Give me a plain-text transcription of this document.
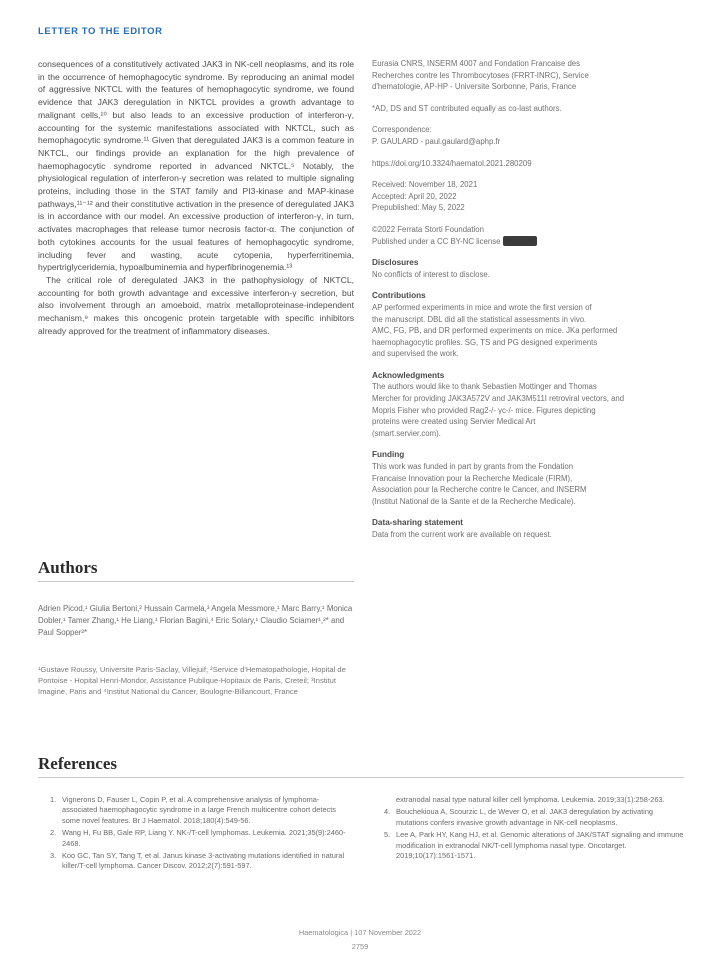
LETTER TO THE EDITOR

consequences of a constitutively activated JAK3 in NK-cell neoplasms, and its role in the occurrence of hemophagocytic syndrome. By reproducing an animal model of aggressive NKTCL with the features of hemophagocytic syndrome, we found evidence that JAK3 deregulation in NKTCL provides a growth advantage to malignant cells,¹⁰ but also leads to an excessive production of interferon-γ, accounting for the systemic manifestations associated with NKTCL, such as hemophagocytic syndrome.¹¹ Given that deregulated JAK3 is a common feature in NKTCL, our findings provide an explanation for the high prevalence of haemophagocytic syndrome reported in advanced NKTCL.⁵ Notably, the physiological regulation of interferon-γ secretion was related to multiple signaling proteins, including those in the STAT family and PI3-kinase and MAP-kinase pathways,¹¹⁻¹² and their constitutive activation in the presence of deregulated JAK3 is in accordance with our model. An excessive production of interferon-γ, in turn, activates macrophages that release tumor necrosis factor-α. The conjunction of both cytokines accounts for the usual features of hemophagocytic syndrome, including fever and wasting, acute cytopenia, hyperferritinemia, hypertriglyceridemia, hypoalbuminemia and hyperfibrinogenemia.¹³

The critical role of deregulated JAK3 in the pathophysiology of NKTCL, accounting for both growth advantage and excessive interferon-γ secretion, but also involvement through an amoeboid, matrix metalloproteinase-independent mechanism,⁹ makes this oncogenic protein targetable with specific inhibitors already approved for the treatment of inflammatory diseases.

Eurasia CNRS, INSERM 4007 and Fondation Francaise des
Recherches contre les Thrombocytoses (FRRT-INRC), Service
d'hematologie, AP-HP - Universite Sorbonne, Paris, France
*AD, DS and ST contributed equally as co-last authors.
Correspondence:
P. GAULARD - paul.gaulard@aphp.fr
https://doi.org/10.3324/haematol.2021.280209
Received: November 18, 2021
Accepted: April 20, 2022
Prepublished: May 5, 2022
©2022 Ferrata Storti Foundation
Published under a CC BY-NC license
Disclosures
No conflicts of interest to disclose.
Contributions
AP performed experiments in mice and wrote the first version of
the manuscript. DBL did all the statistical assessments in vivo.
AMC, FG, PB, and DR performed experiments on mice. JKa performed
haemophagocytic profiles. SG, TS and PG designed experiments
and supervised the work.
Acknowledgments
The authors would like to thank Sebastien Mottinger and Thomas
Mercher for providing JAK3A572V and JAK3M511I retroviral vectors, and
Mopris Fisher who provided Rag2-/- γc-/- mice. Figures depicting
proteins were created using Servier Medical Art
(smart.servier.com).
Funding
This work was funded in part by grants from the Fondation
Francaise Innovation pour la Recherche Medicale (FIRM),
Association pour la Recherche contre le Cancer, and INSERM
(Institut National de la Sante et de la Recherche Medicale).
Data-sharing statement
Data from the current work are available on request.
Authors
Adrien Picod,¹ Giulia Bertoni,² Hussain Carmela,³ Angela Messmore,¹ Marc Barry,¹ Monica Dobler,¹ Tamer Zhang,¹ He Liang,¹ Florian Bagini,⁴ Eric Solary,¹ Claudio Sciamer¹,²* and Paul Sopper²*
¹Gustave Roussy, Universite Paris-Saclay, Villejuif; ²Service d'Hematopathologie, Hopital de Pontoise - Hopital Henri-Mondor, Assistance Publique-Hopitaux de Paris, Creteil; ³Institut Imagine, Paris and ⁴Institut National du Cancer, Boulogne-Billancourt, France
References
1. Vignerons D, Fauser L, Copin P, et al. A comprehensive analysis of lymphoma-associated haemophagocytic syndrome in a large French multicentre cohort detects some novel features. Br J Haematol. 2018;180(4):549-56.
2. Wang H, Fu BB, Gale RP, Liang Y. NK-/T-cell lymphomas. Leukemia. 2021;35(9):2460-2468.
3. Koo GC, Tan SY, Tang T, et al. Janus kinase 3-activating mutations identified in natural killer/T-cell lymphoma. Cancer Discov. 2012;2(7):591-597.
extranodal nasal type natural killer cell lymphoma. Leukemia. 2019;33(1):258-263.
4. Bouchekioua A, Scourzic L, de Wever O, et al. JAK3 deregulation by activating mutations confers invasive growth advantage in NK-cell neoplasms.
5. Lee A, Park HY, Kang HJ, et al. Genomic alterations of JAK/STAT signaling and immune modification in extranodal NK/T-cell lymphoma nasal type. Oncotarget. 2019;10(17):1561-1571.
Haematologica | 107 November 2022
2759
